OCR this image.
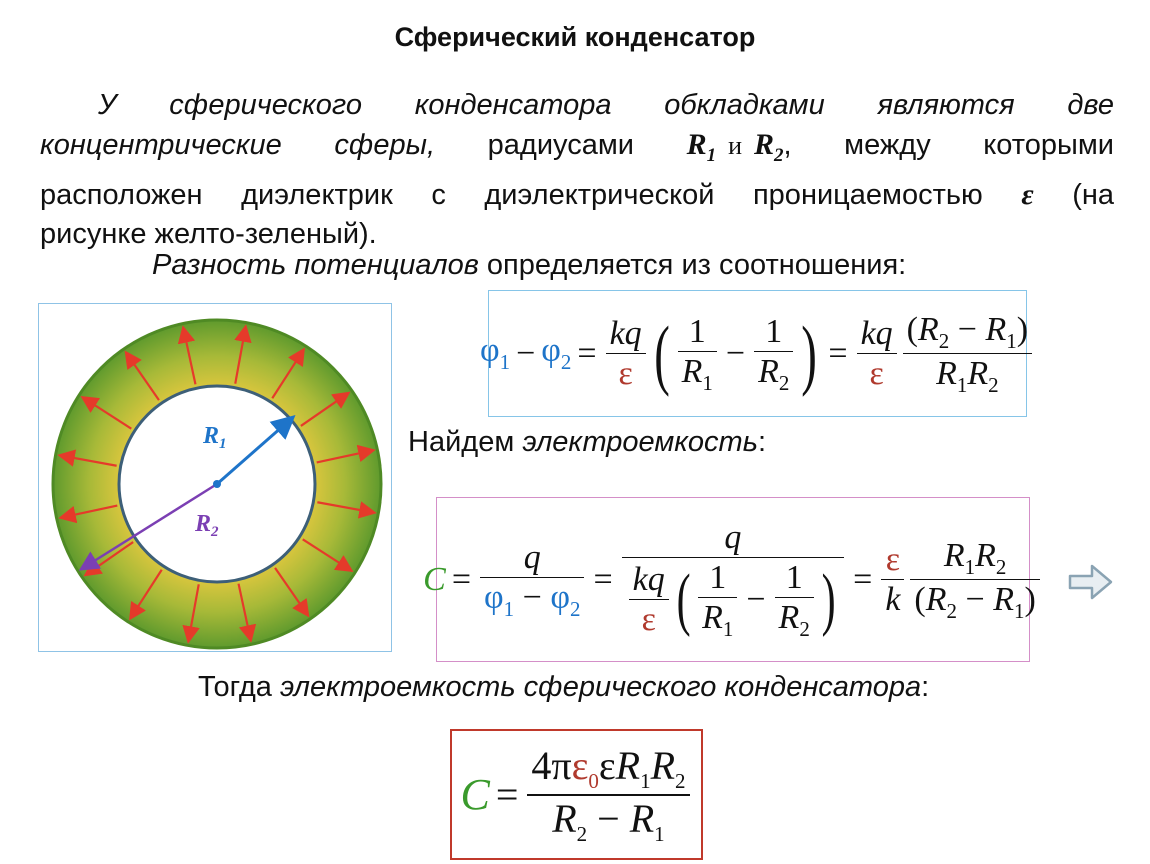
Сферический конденсатор
У сферического конденсатора обкладками являются две
концентрические сферы, радиусами $R_1$ и $R_2$, между которыми
расположен диэлектрик с диэлектрической проницаемостью ε (на
рисунке желто-зеленый).
Разность потенциалов определяется из соотношения:
$R_1$
$R_2$
$\varphi_1 - \varphi_2 = \frac{kq}{\varepsilon}$ ( $\frac{1}{R_1} - \frac{1}{R_2}$ ) = $\frac{kq}{\varepsilon} \frac{(R_2 - R_1)}{R_1R_2}$
Найдем электроемкость:
$C = \frac{q}{\varphi_1 - \varphi_2} = \frac{q}{\frac{kq}{\varepsilon} ( \frac{1}{R_1} - \frac{1}{R_2} )} = \frac{\varepsilon}{k} \frac{R_1R_2}{(R_2 - R_1)}$
Тогда электроемкость сферического конденсатора:
$C = \frac{4\pi\varepsilon_0\varepsilon R_1R_2}{R_2 - R_1}$
